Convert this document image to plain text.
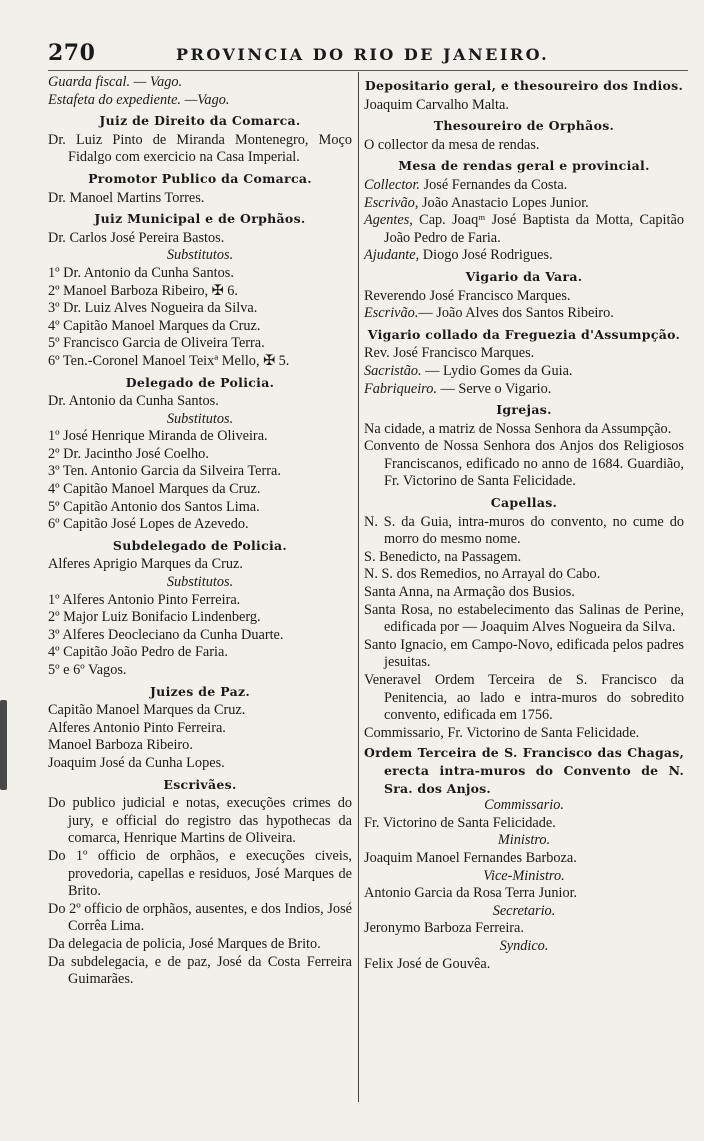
270	PROVINCIA DO RIO DE JANEIRO.

Guarda fiscal. — Vago.

Estafeta do expediente. —Vago.

Juiz de Direito da Comarca.

Dr. Luiz Pinto de Miranda Montenegro, Moço Fidalgo com exercicio na Casa Imperial.

Promotor Publico da Comarca.

Dr. Manoel Martins Torres.

Juiz Municipal e de Orphãos.

Dr. Carlos José Pereira Bastos.

Substitutos.

1º Dr. Antonio da Cunha Santos.

2º Manoel Barboza Ribeiro, ✠ 6.

3º Dr. Luiz Alves Nogueira da Silva.

4º Capitão Manoel Marques da Cruz.

5º Francisco Garcia de Oliveira Terra.

6º Ten.-Coronel Manoel Teixª Mello, ✠ 5.

Delegado de Policia.

Dr. Antonio da Cunha Santos.

Substitutos.

1º José Henrique Miranda de Oliveira.

2º Dr. Jacintho José Coelho.

3º Ten. Antonio Garcia da Silveira Terra.

4º Capitão Manoel Marques da Cruz.

5º Capitão Antonio dos Santos Lima.

6º Capitão José Lopes de Azevedo.

Subdelegado de Policia.

Alferes Aprigio Marques da Cruz.

Substitutos.

1º Alferes Antonio Pinto Ferreira.

2º Major Luiz Bonifacio Lindenberg.

3º Alferes Deocleciano da Cunha Duarte.

4º Capitão João Pedro de Faria.

5º e 6º Vagos.

Juizes de Paz.

Capitão Manoel Marques da Cruz.

Alferes Antonio Pinto Ferreira.

Manoel Barboza Ribeiro.

Joaquim José da Cunha Lopes.

Escrivães.

Do publico judicial e notas, execuções crimes do jury, e official do registro das hypothecas da comarca, Henrique Martins de Oliveira.

Do 1º officio de orphãos, e execuções civeis, provedoria, capellas e residuos, José Marques de Brito.

Do 2º officio de orphãos, ausentes, e dos Indios, José Corrêa Lima.

Da delegacia de policia, José Marques de Brito.

Da subdelegacia, e de paz, José da Costa Ferreira Guimarães.

Depositario geral, e thesoureiro dos Indios.

Joaquim Carvalho Malta.

Thesoureiro de Orphãos.

O collector da mesa de rendas.

Mesa de rendas geral e provincial.

Collector. José Fernandes da Costa.

Escrivão, João Anastacio Lopes Junior.

Agentes, Cap. Joaqᵐ José Baptista da Motta, Capitão João Pedro de Faria.

Ajudante, Diogo José Rodrigues.

Vigario da Vara.

Reverendo José Francisco Marques.

Escrivão.— João Alves dos Santos Ribeiro.

Vigario collado da Freguezia d'Assumpção.

Rev. José Francisco Marques.

Sacristão. — Lydio Gomes da Guia.

Fabriqueiro. — Serve o Vigario.

Igrejas.

Na cidade, a matriz de Nossa Senhora da Assumpção.

Convento de Nossa Senhora dos Anjos dos Religiosos Franciscanos, edificado no anno de 1684. Guardião, Fr. Victorino de Santa Felicidade.

Capellas.

N. S. da Guia, intra-muros do convento, no cume do morro do mesmo nome.

S. Benedicto, na Passagem.

N. S. dos Remedios, no Arrayal do Cabo.

Santa Anna, na Armação dos Busios.

Santa Rosa, no estabelecimento das Salinas de Perine, edificada por — Joaquim Alves Nogueira da Silva.

Santo Ignacio, em Campo-Novo, edificada pelos padres jesuitas.

Veneravel Ordem Terceira de S. Francisco da Penitencia, ao lado e intra-muros do sobredito convento, edificada em 1756.

Commissario, Fr. Victorino de Santa Felicidade.

Ordem Terceira de S. Francisco das Chagas, erecta intra-muros do Convento de N. Sra. dos Anjos.

Commissario.

Fr. Victorino de Santa Felicidade.

Ministro.

Joaquim Manoel Fernandes Barboza.

Vice-Ministro.

Antonio Garcia da Rosa Terra Junior.

Secretario.

Jeronymo Barboza Ferreira.

Syndico.

Felix José de Gouvêa.
